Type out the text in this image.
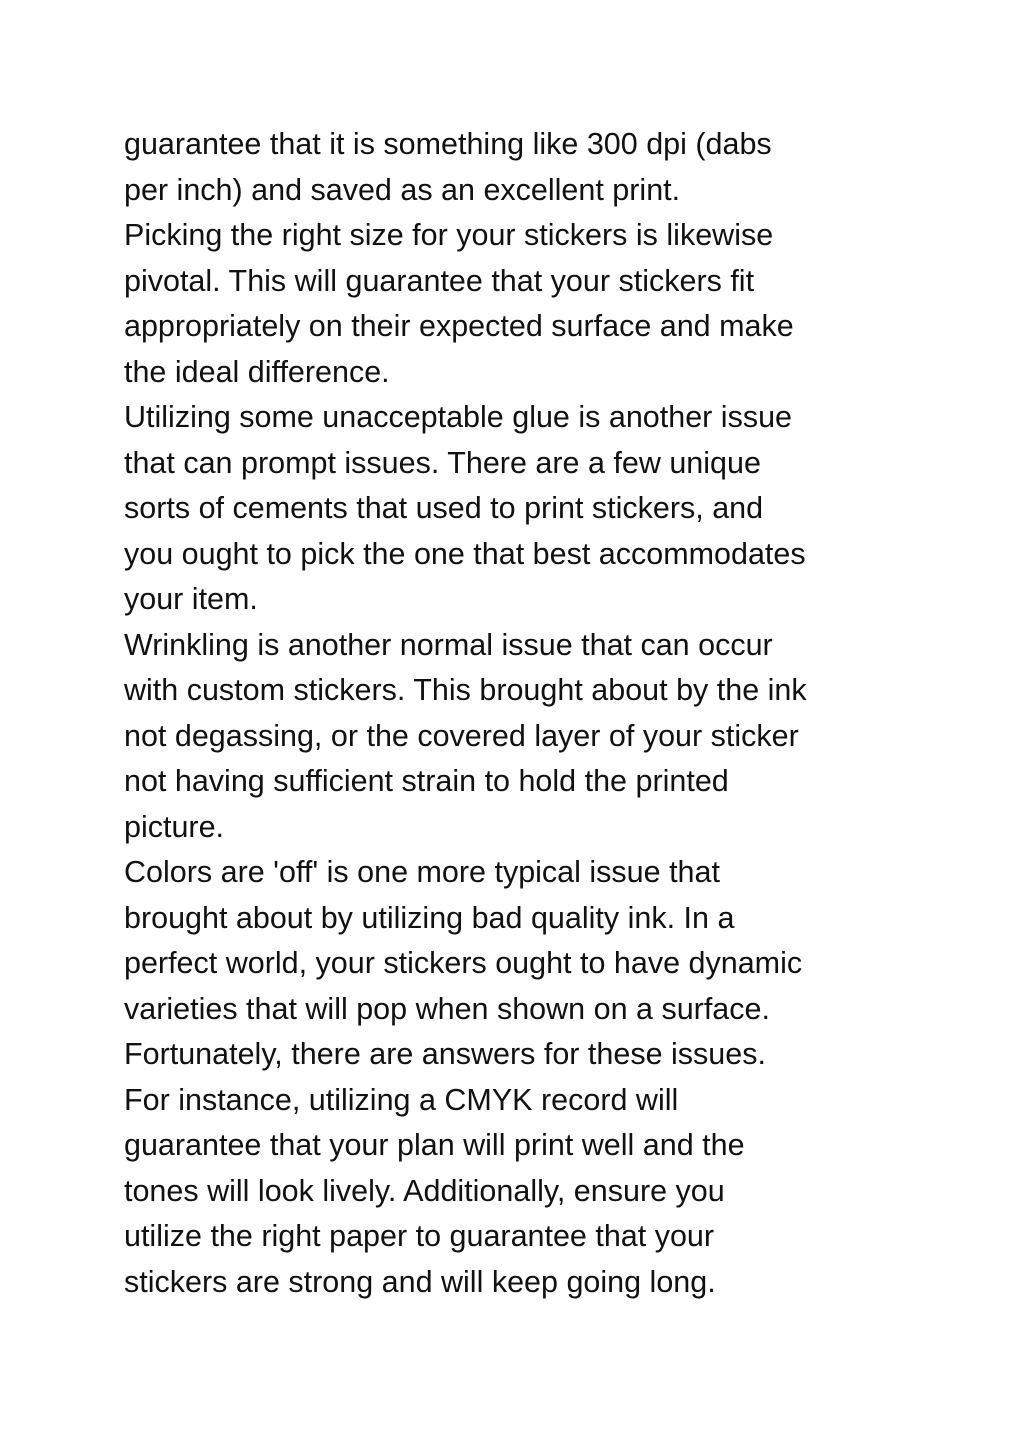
guarantee that it is something like 300 dpi (dabs
per inch) and saved as an excellent print.
Picking the right size for your stickers is likewise
pivotal. This will guarantee that your stickers fit
appropriately on their expected surface and make
the ideal difference.
Utilizing some unacceptable glue is another issue
that can prompt issues. There are a few unique
sorts of cements that used to print stickers, and
you ought to pick the one that best accommodates
your item.
Wrinkling is another normal issue that can occur
with custom stickers. This brought about by the ink
not degassing, or the covered layer of your sticker
not having sufficient strain to hold the printed
picture.
Colors are 'off' is one more typical issue that
brought about by utilizing bad quality ink. In a
perfect world, your stickers ought to have dynamic
varieties that will pop when shown on a surface.
Fortunately, there are answers for these issues.
For instance, utilizing a CMYK record will
guarantee that your plan will print well and the
tones will look lively. Additionally, ensure you
utilize the right paper to guarantee that your
stickers are strong and will keep going long.
